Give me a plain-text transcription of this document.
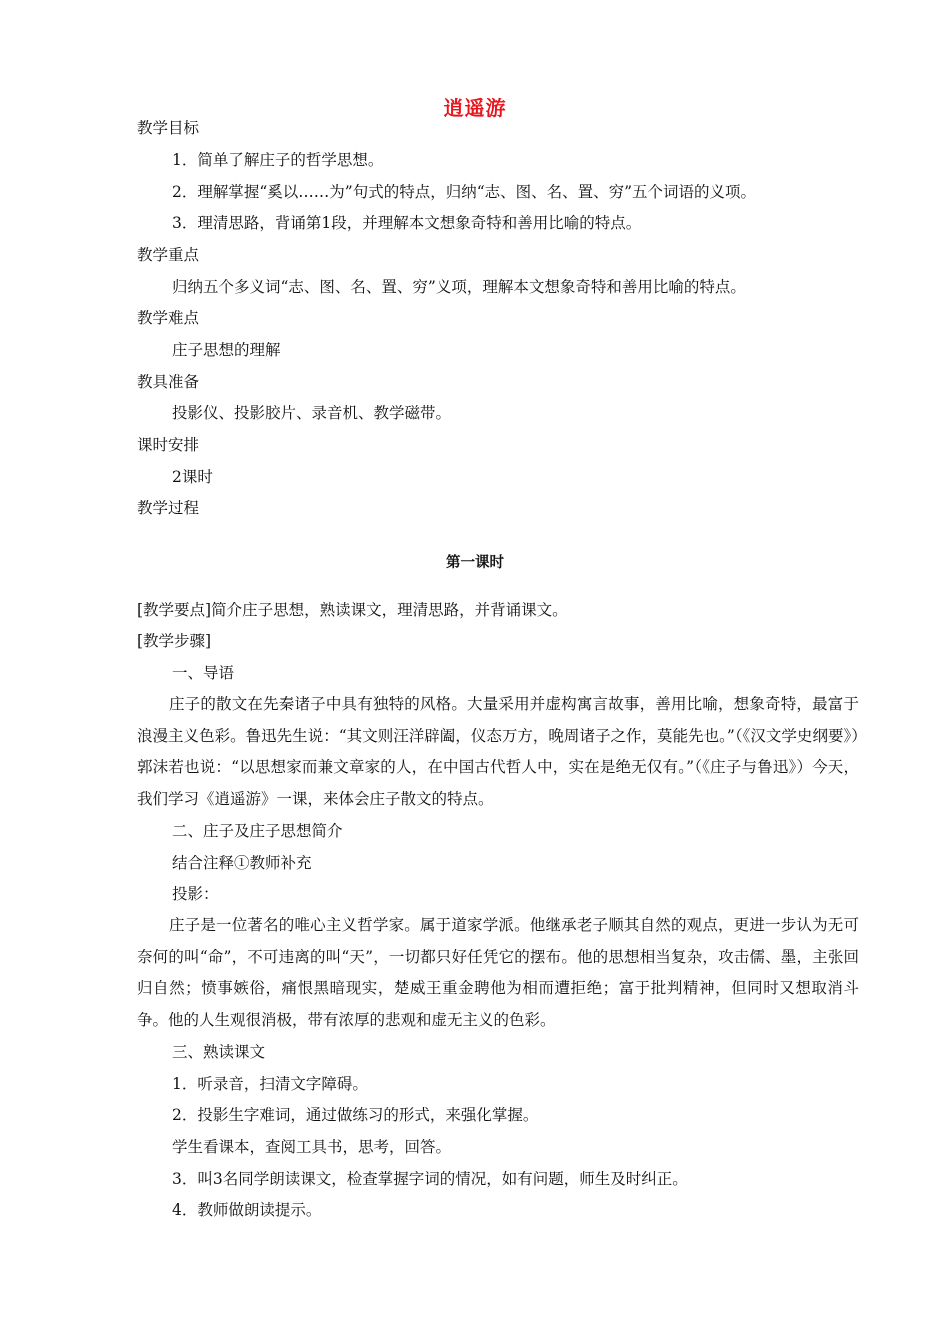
逍遥游
教学目标
1．简单了解庄子的哲学思想。
2．理解掌握“奚以……为”句式的特点，归纳“志、图、名、置、穷”五个词语的义项。
3．理清思路，背诵第1段，并理解本文想象奇特和善用比喻的特点。
教学重点
归纳五个多义词“志、图、名、置、穷”义项，理解本文想象奇特和善用比喻的特点。
教学难点
庄子思想的理解
教具准备
投影仪、投影胶片、录音机、教学磁带。
课时安排
2课时
教学过程
第一课时
[教学要点]简介庄子思想，熟读课文，理清思路，并背诵课文。
[教学步骤]
一、导语
庄子的散文在先秦诸子中具有独特的风格。大量采用并虚构寓言故事，善用比喻，想象奇特，最富于浪漫主义色彩。鲁迅先生说：“其文则汪洋辟阖，仪态万方，晚周诸子之作，莫能先也。”（《汉文学史纲要》）郭沫若也说：“以思想家而兼文章家的人，在中国古代哲人中，实在是绝无仅有。”（《庄子与鲁迅》）今天，我们学习《逍遥游》一课，来体会庄子散文的特点。
二、庄子及庄子思想简介
结合注释①教师补充
投影：
庄子是一位著名的唯心主义哲学家。属于道家学派。他继承老子顺其自然的观点，更进一步认为无可奈何的叫“命”，不可违离的叫“天”，一切都只好任凭它的摆布。他的思想相当复杂，攻击儒、墨，主张回归自然；愤事嫉俗，痛恨黑暗现实，楚威王重金聘他为相而遭拒绝；富于批判精神，但同时又想取消斗争。他的人生观很消极，带有浓厚的悲观和虚无主义的色彩。
三、熟读课文
1．听录音，扫清文字障碍。
2．投影生字难词，通过做练习的形式，来强化掌握。
学生看课本，查阅工具书，思考，回答。
3．叫3名同学朗读课文，检查掌握字词的情况，如有问题，师生及时纠正。
4．教师做朗读提示。
